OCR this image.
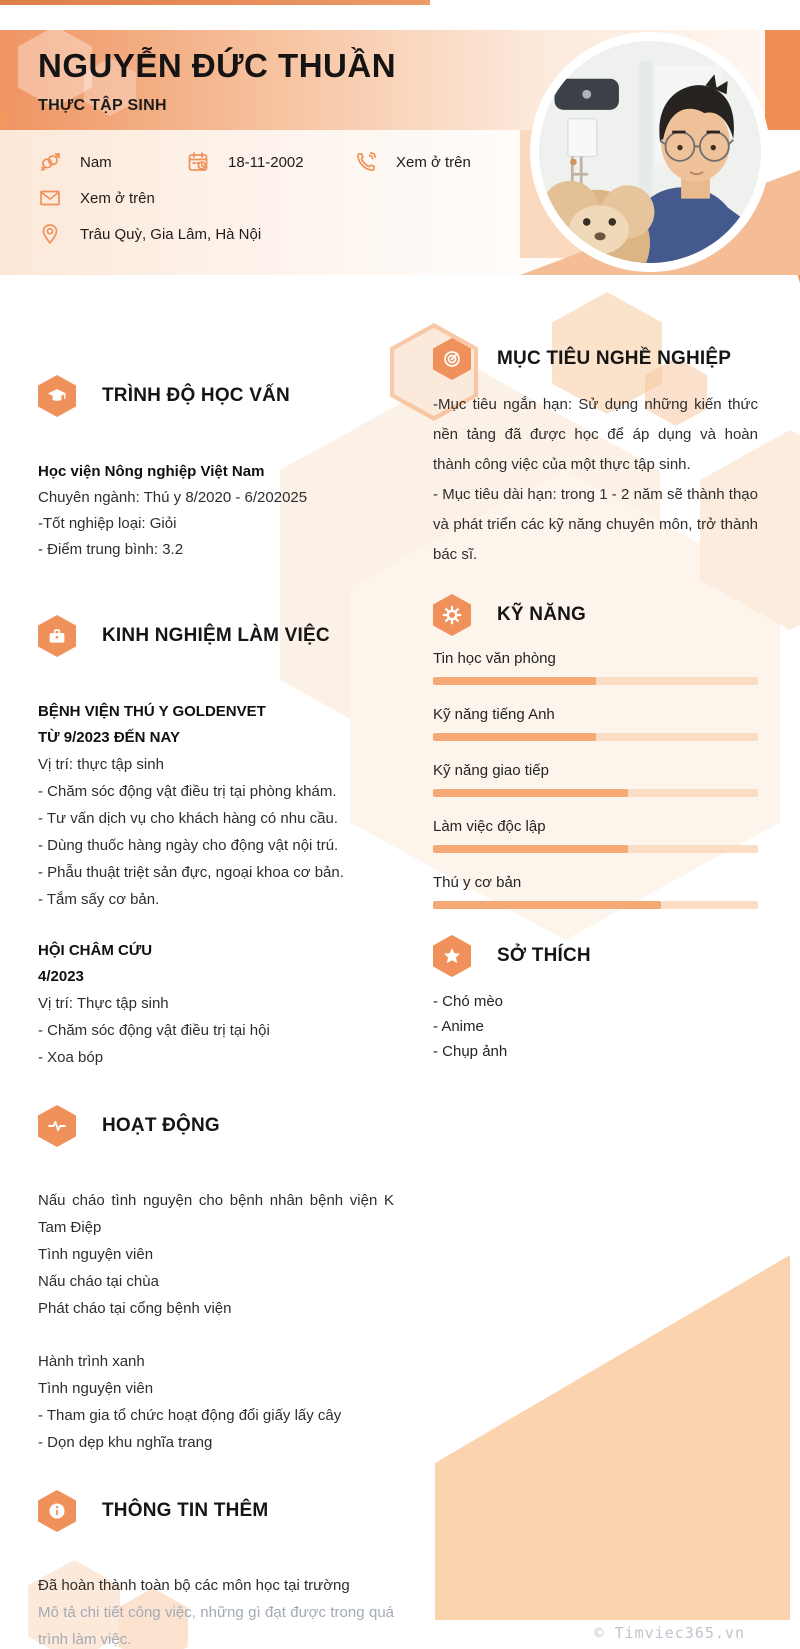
NGUYỄN ĐỨC THUẦN
THỰC TẬP SINH
Nam	18-11-2002	Xem ở trên
Xem ở trên
Trâu Quỳ, Gia Lâm, Hà Nội
TRÌNH ĐỘ HỌC VẤN
Học viện Nông nghiệp Việt Nam
Chuyên ngành: Thú y 8/2020 - 6/202025
-Tốt nghiệp loại: Giỏi
- Điểm trung bình: 3.2
KINH NGHIỆM LÀM VIỆC
BỆNH VIỆN THÚ Y GOLDENVET
TỪ 9/2023 ĐẾN NAY
Vị trí: thực tập sinh
- Chăm sóc động vật điều trị tại phòng khám.
- Tư vấn dịch vụ cho khách hàng có nhu cầu.
- Dùng thuốc hàng ngày cho động vật nội trú.
- Phẫu thuật triệt sản đực, ngoại khoa cơ bản.
- Tắm sấy cơ bản.
HỘI CHÂM CỨU
4/2023
Vị trí: Thực tập sinh
- Chăm sóc động vật điều trị tại hội
- Xoa bóp
HOẠT ĐỘNG
Nấu cháo tình nguyện cho bệnh nhân bệnh viện K Tam Điệp
Tình nguyện viên
Nấu cháo tại chùa
Phát cháo tại cổng bệnh viện
Hành trình xanh
Tình nguyện viên
- Tham gia tổ chức hoạt động đổi giấy lấy cây
- Dọn dẹp khu nghĩa trang
THÔNG TIN THÊM
Đã hoàn thành toàn bộ các môn học tại trường
Mô tả chi tiết công việc, những gì đạt được trong quá trình làm việc.
MỤC TIÊU NGHỀ NGHIỆP
-Mục tiêu ngắn hạn: Sử dụng những kiến thức nền tảng đã được học để áp dụng và hoàn thành công việc của một thực tập sinh.
- Mục tiêu dài hạn: trong 1 - 2 năm sẽ thành thạo và phát triển các kỹ năng chuyên môn, trở thành bác sĩ.
KỸ NĂNG
Tin học văn phòng
Kỹ năng tiếng Anh
Kỹ năng giao tiếp
Làm việc độc lập
Thú y cơ bản
SỞ THÍCH
- Chó mèo
- Anime
- Chụp ảnh
© Timviec365.vn
